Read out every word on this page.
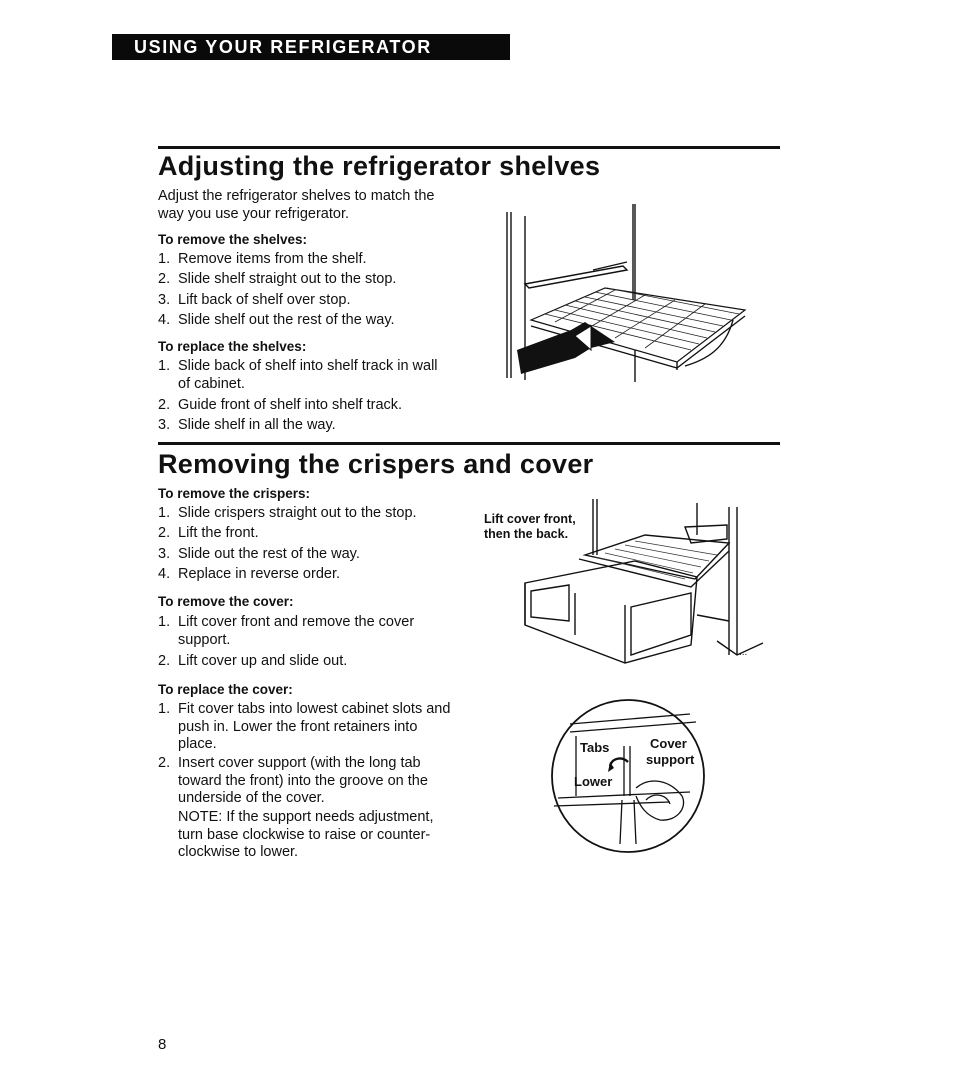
USING YOUR REFRIGERATOR
Adjusting the refrigerator shelves
Adjust the refrigerator shelves to match the way you use your refrigerator.
To remove the shelves:
1. Remove items from the shelf.
2. Slide shelf straight out to the stop.
3. Lift back of shelf over stop.
4. Slide shelf out the rest of the way.
To replace the shelves:
1. Slide back of shelf into shelf track in wall of cabinet.
2. Guide front of shelf into shelf track.
3. Slide shelf in all the way.
Removing the crispers and cover
To remove the crispers:
1. Slide crispers straight out to the stop.
2. Lift the front.
3. Slide out the rest of the way.
4. Replace in reverse order.
To remove the cover:
1. Lift cover front and remove the cover support.
2. Lift cover up and slide out.
To replace the cover:
1. Fit cover tabs into lowest cabinet slots and push in. Lower the front retainers into place.
2. Insert cover support (with the long tab toward the front) into the groove on the underside of the cover.
NOTE: If the support needs adjustment, turn base clockwise to raise or counter-clockwise to lower.
Lift cover front,
then the back.
...
Tabs	Cover
support
Lower
8
